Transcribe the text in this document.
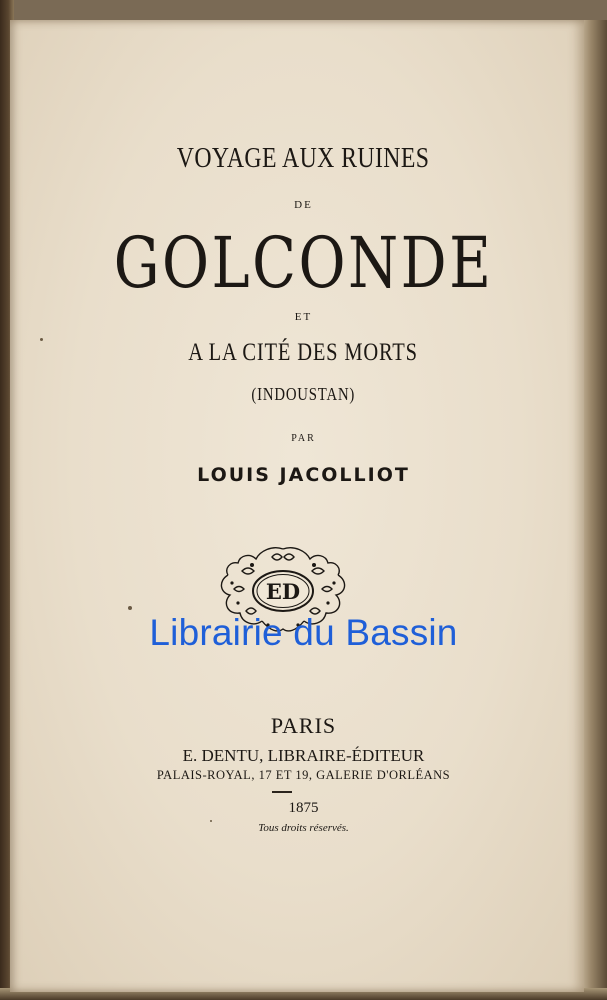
VOYAGE AUX RUINES
DE
GOLCONDE
ET
A LA CITÉ DES MORTS
(INDOUSTAN)
PAR
LOUIS JACOLLIOT
ED
Librairie du Bassin
PARIS
E. DENTU, LIBRAIRE-ÉDITEUR
PALAIS-ROYAL, 17 ET 19, GALERIE D'ORLÉANS
1875
Tous droits réservés.
